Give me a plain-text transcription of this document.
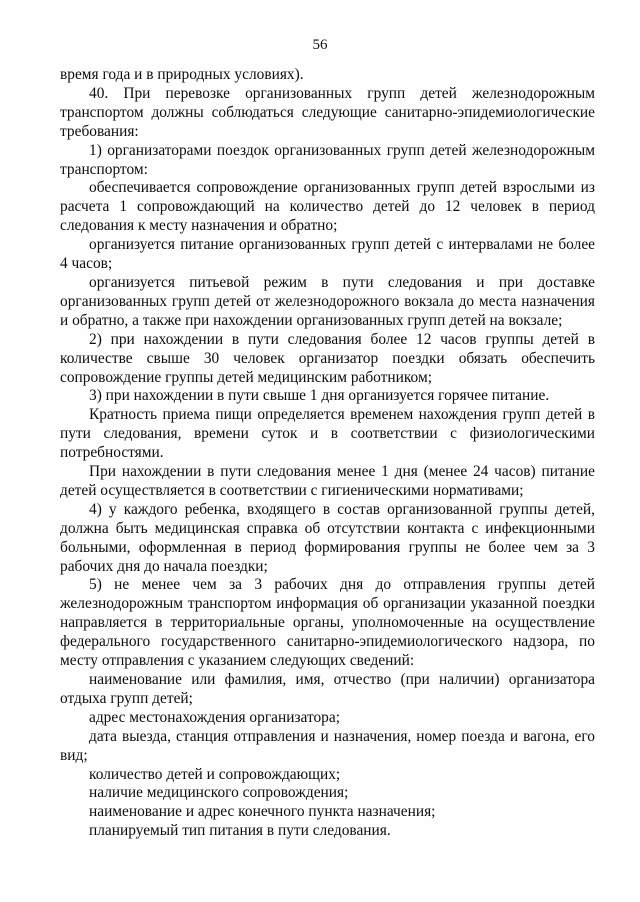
56

время года и в природных условиях).

40. При перевозке организованных групп детей железнодорожным транспортом должны соблюдаться следующие санитарно-эпидемиологические требования:

1) организаторами поездок организованных групп детей железнодорожным транспортом:

обеспечивается сопровождение организованных групп детей взрослыми из расчета 1 сопровождающий на количество детей до 12 человек в период следования к месту назначения и обратно;

организуется питание организованных групп детей с интервалами не более 4 часов;

организуется питьевой режим в пути следования и при доставке организованных групп детей от железнодорожного вокзала до места назначения и обратно, а также при нахождении организованных групп детей на вокзале;

2) при нахождении в пути следования более 12 часов группы детей в количестве свыше 30 человек организатор поездки обязать обеспечить сопровождение группы детей медицинским работником;

3) при нахождении в пути свыше 1 дня организуется горячее питание.

Кратность приема пищи определяется временем нахождения групп детей в пути следования, времени суток и в соответствии с физиологическими потребностями.

При нахождении в пути следования менее 1 дня (менее 24 часов) питание детей осуществляется в соответствии с гигиеническими нормативами;

4) у каждого ребенка, входящего в состав организованной группы детей, должна быть медицинская справка об отсутствии контакта с инфекционными больными, оформленная в период формирования группы не более чем за 3 рабочих дня до начала поездки;

5) не менее чем за 3 рабочих дня до отправления группы детей железнодорожным транспортом информация об организации указанной поездки направляется в территориальные органы, уполномоченные на осуществление федерального государственного санитарно-эпидемиологического надзора, по месту отправления с указанием следующих сведений:

наименование или фамилия, имя, отчество (при наличии) организатора отдыха групп детей;

адрес местонахождения организатора;

дата выезда, станция отправления и назначения, номер поезда и вагона, его вид;

количество детей и сопровождающих;

наличие медицинского сопровождения;

наименование и адрес конечного пункта назначения;

планируемый тип питания в пути следования.
